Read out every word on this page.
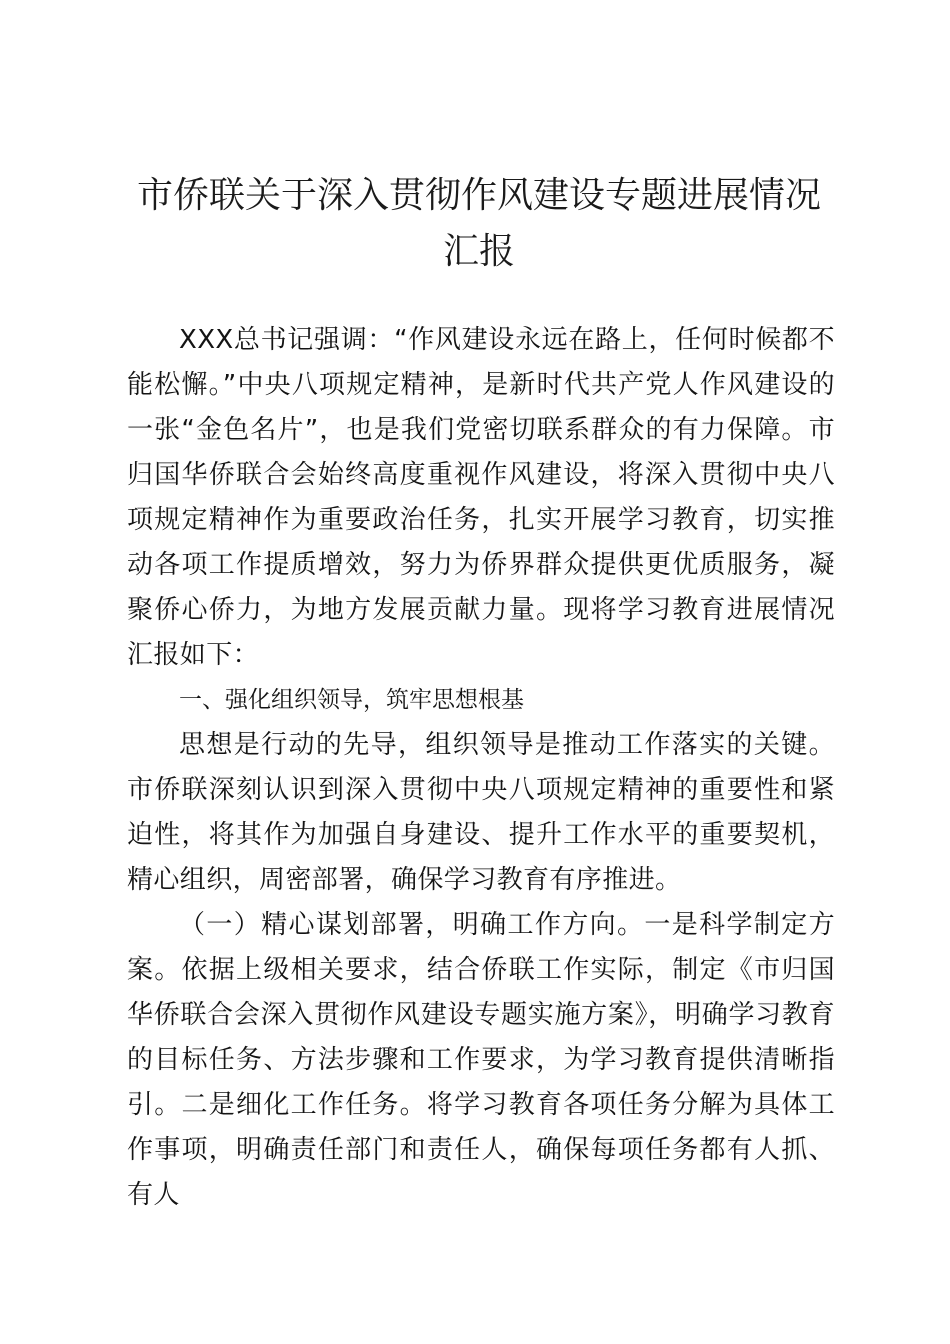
市侨联关于深入贯彻作风建设专题进展情况汇报

XXX总书记强调：“作风建设永远在路上，任何时候都不能松懈。”中央八项规定精神，是新时代共产党人作风建设的一张“金色名片”，也是我们党密切联系群众的有力保障。市归国华侨联合会始终高度重视作风建设，将深入贯彻中央八项规定精神作为重要政治任务，扎实开展学习教育，切实推动各项工作提质增效，努力为侨界群众提供更优质服务，凝聚侨心侨力，为地方发展贡献力量。现将学习教育进展情况汇报如下：

一、强化组织领导，筑牢思想根基

思想是行动的先导，组织领导是推动工作落实的关键。市侨联深刻认识到深入贯彻中央八项规定精神的重要性和紧迫性，将其作为加强自身建设、提升工作水平的重要契机，精心组织，周密部署，确保学习教育有序推进。

（一）精心谋划部署，明确工作方向。一是科学制定方案。依据上级相关要求，结合侨联工作实际，制定《市归国华侨联合会深入贯彻作风建设专题实施方案》，明确学习教育的目标任务、方法步骤和工作要求，为学习教育提供清晰指引。二是细化工作任务。将学习教育各项任务分解为具体工作事项，明确责任部门和责任人，确保每项任务都有人抓、有人
